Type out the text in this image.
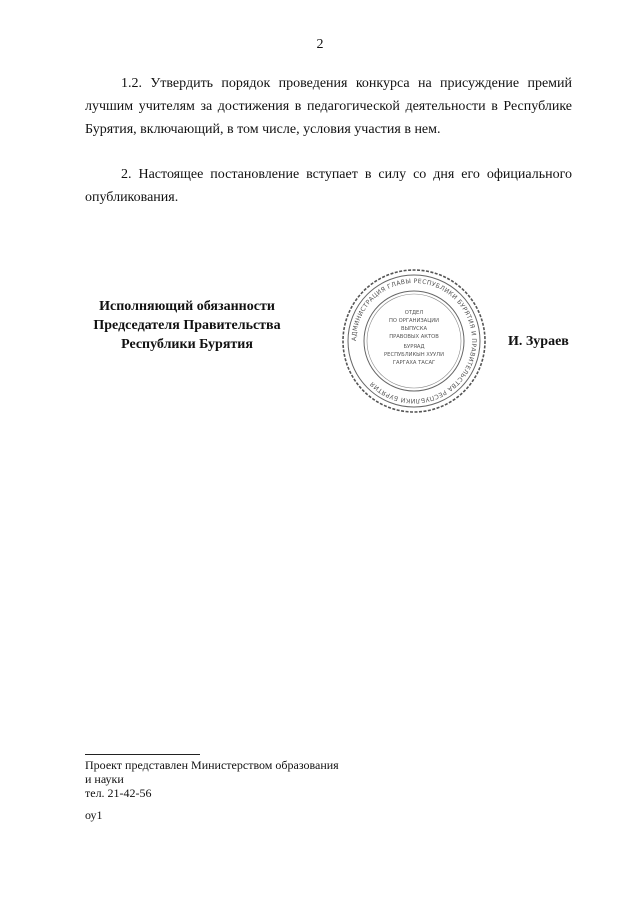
2

1.2. Утвердить порядок проведения конкурса на присуждение премий лучшим учителям за достижения в педагогической деятельности в Республике Бурятия, включающий, в том числе, условия участия в нем.

2. Настоящее постановление вступает в силу со дня его официального опубликования.

Исполняющий обязанности
Председателя Правительства
Республики Бурятия	АДМИНИСТРАЦИЯ ГЛАВЫ РЕСПУБЛИКИ БУРЯТИЯ И ПРАВИТЕЛЬСТВА РЕСПУБЛИКИ БУРЯТИЯ
ОТДЕЛ
ПО ОРГАНИЗАЦИИ
ВЫПУСКА
ПРАВОВЫХ АКТОВ
БУРЯАД
РЕСПУБЛИКЫН ХУУЛИ
ГАРГАХА ТАСАГ
И. Зураев
Проект представлен Министерством образования
и науки
тел. 21-42-56
оу1
